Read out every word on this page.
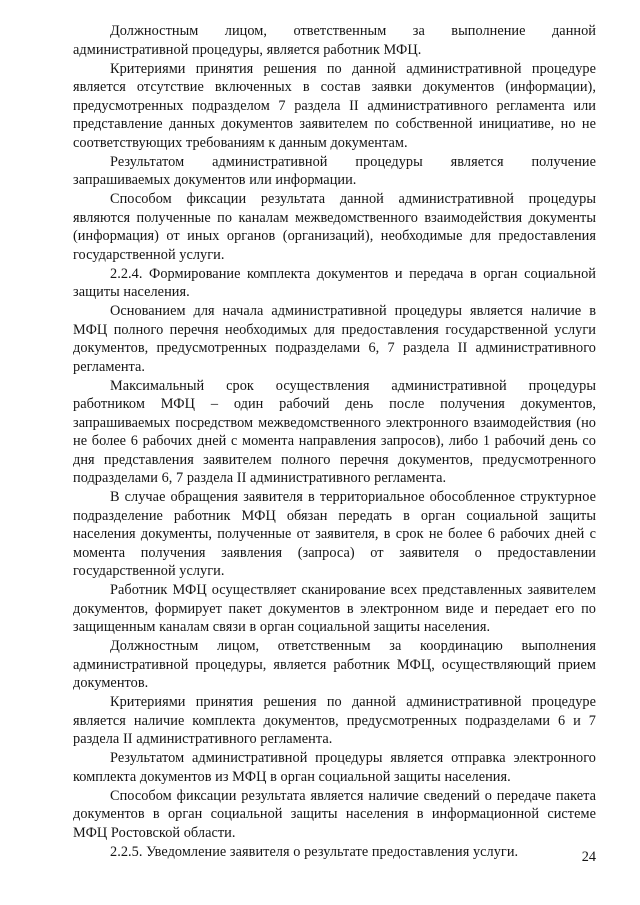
Должностным лицом, ответственным за выполнение данной административной процедуры, является работник МФЦ.

Критериями принятия решения по данной административной процедуре является отсутствие включенных в состав заявки документов (информации), предусмотренных подразделом 7 раздела II административного регламента или представление данных документов заявителем по собственной инициативе, но не соответствующих требованиям к данным документам.

Результатом административной процедуры является получение запрашиваемых документов или информации.

Способом фиксации результата данной административной процедуры являются полученные по каналам межведомственного взаимодействия документы (информация) от иных органов (организаций), необходимые для предоставления государственной услуги.

2.2.4. Формирование комплекта документов и передача в орган социальной защиты населения.

Основанием для начала административной процедуры является наличие в МФЦ полного перечня необходимых для предоставления государственной услуги документов, предусмотренных подразделами 6, 7 раздела II административного регламента.

Максимальный срок осуществления административной процедуры работником МФЦ – один рабочий день после получения документов, запрашиваемых посредством межведомственного электронного взаимодействия (но не более 6 рабочих дней с момента направления запросов), либо 1 рабочий день со дня представления заявителем полного перечня документов, предусмотренного подразделами 6, 7 раздела II административного регламента.

В случае обращения заявителя в территориальное обособленное структурное подразделение работник МФЦ обязан передать в орган социальной защиты населения документы, полученные от заявителя, в срок не более 6 рабочих дней с момента получения заявления (запроса) от заявителя о предоставлении государственной услуги.

Работник МФЦ осуществляет сканирование всех представленных заявителем документов, формирует пакет документов в электронном виде и передает его по защищенным каналам связи в орган социальной защиты населения.

Должностным лицом, ответственным за координацию выполнения административной процедуры, является работник МФЦ, осуществляющий прием документов.

Критериями принятия решения по данной административной процедуре является наличие комплекта документов, предусмотренных подразделами 6 и 7 раздела II административного регламента.

Результатом административной процедуры является отправка электронного комплекта документов из МФЦ в орган социальной защиты населения.

Способом фиксации результата является наличие сведений о передаче пакета документов в орган социальной защиты населения в информационной системе МФЦ Ростовской области.

2.2.5. Уведомление заявителя о результате предоставления услуги.	24
